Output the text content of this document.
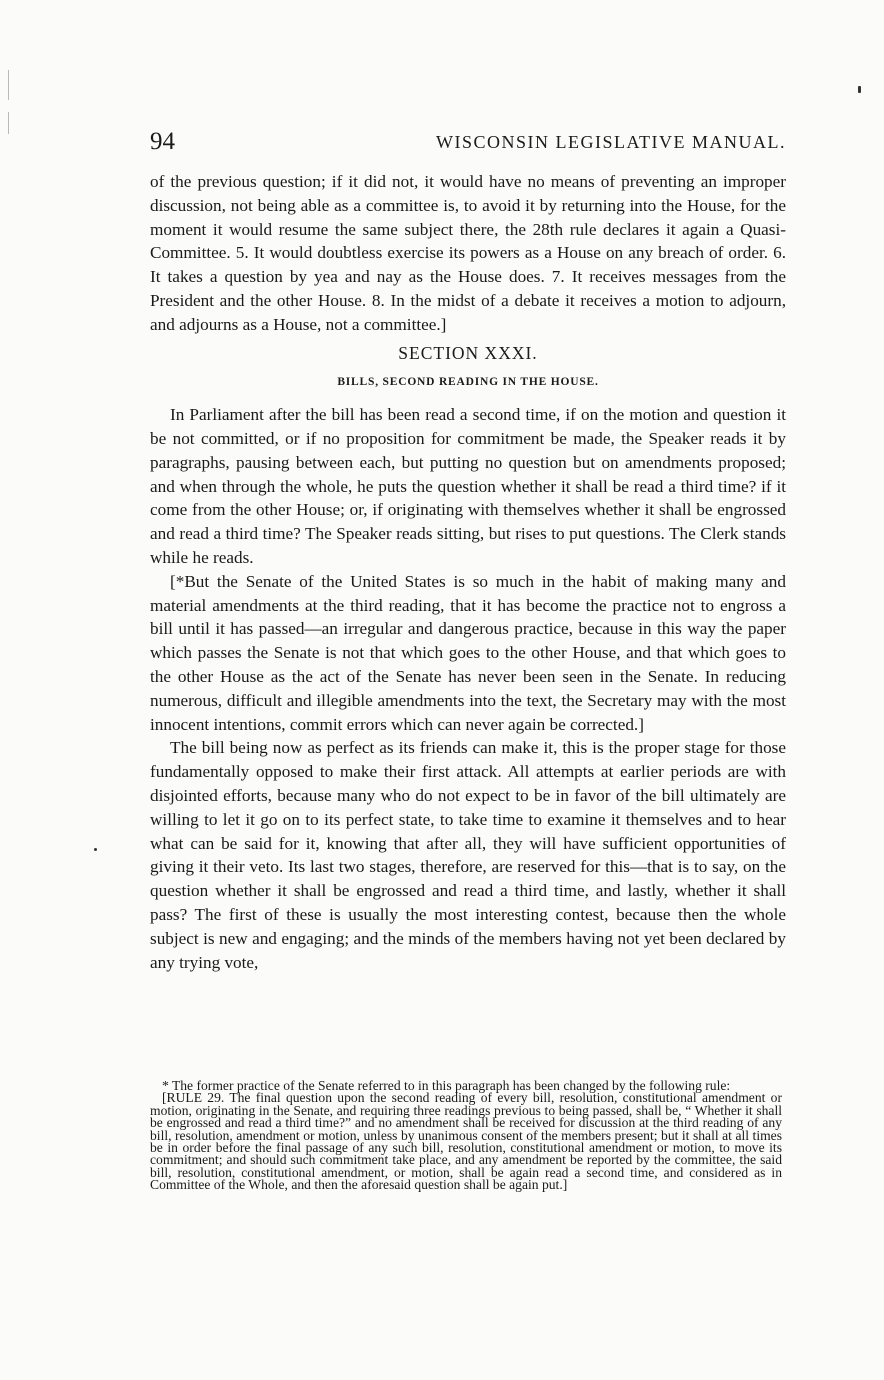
94	WISCONSIN LEGISLATIVE MANUAL.

of the previous question; if it did not, it would have no means of preventing an improper discussion, not being able as a committee is, to avoid it by returning into the House, for the moment it would resume the same subject there, the 28th rule declares it again a Quasi-Committee. 5. It would doubtless exercise its powers as a House on any breach of order. 6. It takes a question by yea and nay as the House does. 7. It receives messages from the President and the other House. 8. In the midst of a debate it receives a motion to adjourn, and adjourns as a House, not a committee.]

SECTION XXXI.
BILLS, SECOND READING IN THE HOUSE.

In Parliament after the bill has been read a second time, if on the motion and question it be not committed, or if no proposition for commitment be made, the Speaker reads it by paragraphs, pausing between each, but putting no question but on amendments proposed; and when through the whole, he puts the question whether it shall be read a third time? if it come from the other House; or, if originating with themselves whether it shall be engrossed and read a third time? The Speaker reads sitting, but rises to put questions. The Clerk stands while he reads.

[*But the Senate of the United States is so much in the habit of making many and material amendments at the third reading, that it has become the practice not to engross a bill until it has passed—an irregular and dangerous practice, because in this way the paper which passes the Senate is not that which goes to the other House, and that which goes to the other House as the act of the Senate has never been seen in the Senate. In reducing numerous, difficult and illegible amendments into the text, the Secretary may with the most innocent intentions, commit errors which can never again be corrected.]

The bill being now as perfect as its friends can make it, this is the proper stage for those fundamentally opposed to make their first attack. All attempts at earlier periods are with disjointed efforts, because many who do not expect to be in favor of the bill ultimately are willing to let it go on to its perfect state, to take time to examine it themselves and to hear what can be said for it, knowing that after all, they will have sufficient opportunities of giving it their veto. Its last two stages, therefore, are reserved for this—that is to say, on the question whether it shall be engrossed and read a third time, and lastly, whether it shall pass? The first of these is usually the most interesting contest, because then the whole subject is new and engaging; and the minds of the members having not yet been declared by any trying vote,

* The former practice of the Senate referred to in this paragraph has been changed by the following rule:

[RULE 29. The final question upon the second reading of every bill, resolution, constitutional amendment or motion, originating in the Senate, and requiring three readings previous to being passed, shall be, “ Whether it shall be engrossed and read a third time?” and no amendment shall be received for discussion at the third reading of any bill, resolution, amendment or motion, unless by unanimous consent of the members present; but it shall at all times be in order before the final passage of any such bill, resolution, constitutional amendment or motion, to move its commitment; and should such commitment take place, and any amendment be reported by the committee, the said bill, resolution, constitutional amendment, or motion, shall be again read a second time, and considered as in Committee of the Whole, and then the aforesaid question shall be again put.]
